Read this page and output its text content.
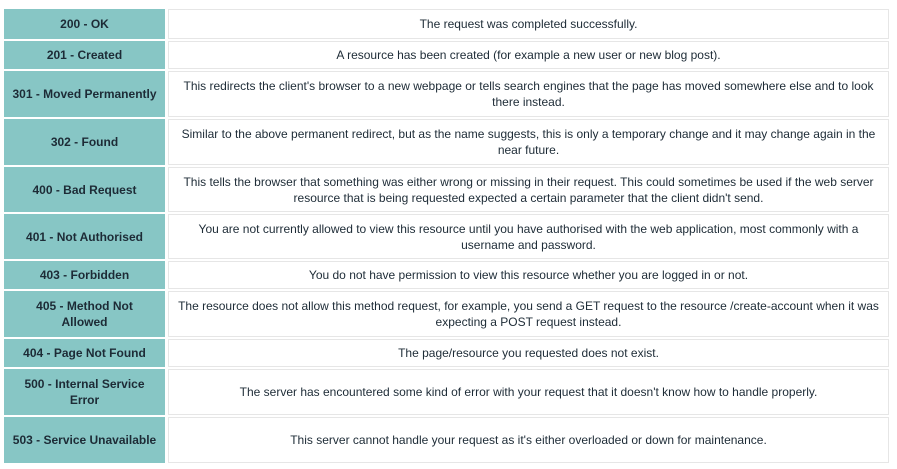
200 - OK		The request was completed successfully.
201 - Created		A resource has been created (for example a new user or new blog post).
301 - Moved Permanently		This redirects the client's browser to a new webpage or tells search engines that the page has moved somewhere else and to look there instead.
302 - Found		Similar to the above permanent redirect, but as the name suggests, this is only a temporary change and it may change again in the near future.
400 - Bad Request		This tells the browser that something was either wrong or missing in their request. This could sometimes be used if the web server resource that is being requested expected a certain parameter that the client didn't send.
401 - Not Authorised		You are not currently allowed to view this resource until you have authorised with the web application, most commonly with a username and password.
403 - Forbidden		You do not have permission to view this resource whether you are logged in or not.
405 - Method Not Allowed		The resource does not allow this method request, for example, you send a GET request to the resource /create-account when it was expecting a POST request instead.
404 - Page Not Found		The page/resource you requested does not exist.
500 - Internal Service Error		The server has encountered some kind of error with your request that it doesn't know how to handle properly.
503 - Service Unavailable		This server cannot handle your request as it's either overloaded or down for maintenance.
